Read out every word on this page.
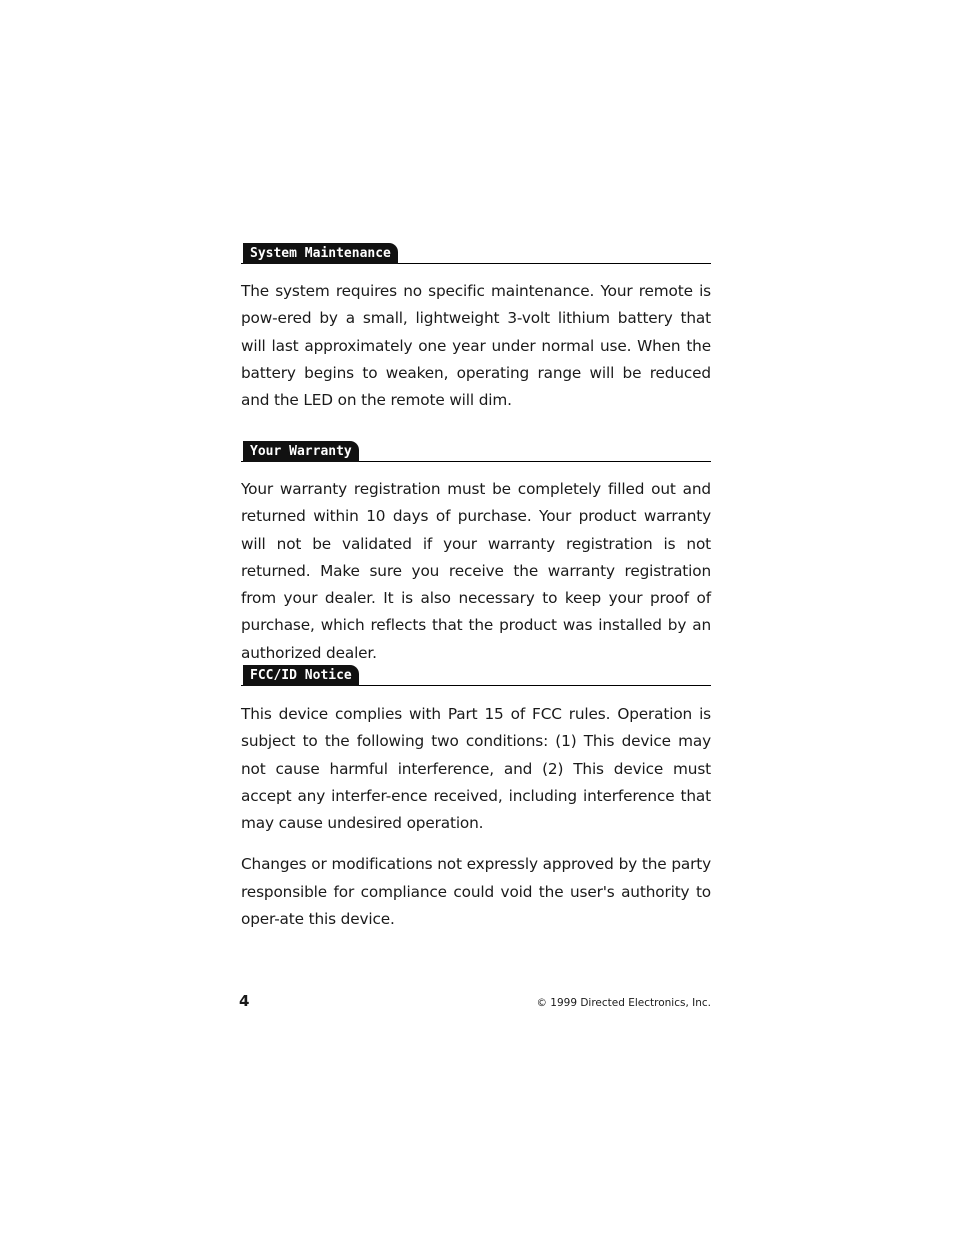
System Maintenance

The system requires no specific maintenance. Your remote is pow-ered by a small, lightweight 3-volt lithium battery that will last approximately one year under normal use. When the battery begins to weaken, operating range will be reduced and the LED on the remote will dim.

Your Warranty

Your warranty registration must be completely filled out and returned within 10 days of purchase. Your product warranty will not be validated if your warranty registration is not returned. Make sure you receive the warranty registration from your dealer. It is also necessary to keep your proof of purchase, which reflects that the product was installed by an authorized dealer.

FCC/ID Notice

This device complies with Part 15 of FCC rules. Operation is subject to the following two conditions: (1) This device may not cause harmful interference, and (2) This device must accept any interfer-ence received, including interference that may cause undesired operation.

Changes or modifications not expressly approved by the party responsible for compliance could void the user's authority to oper-ate this device.

4	© 1999 Directed Electronics, Inc.
